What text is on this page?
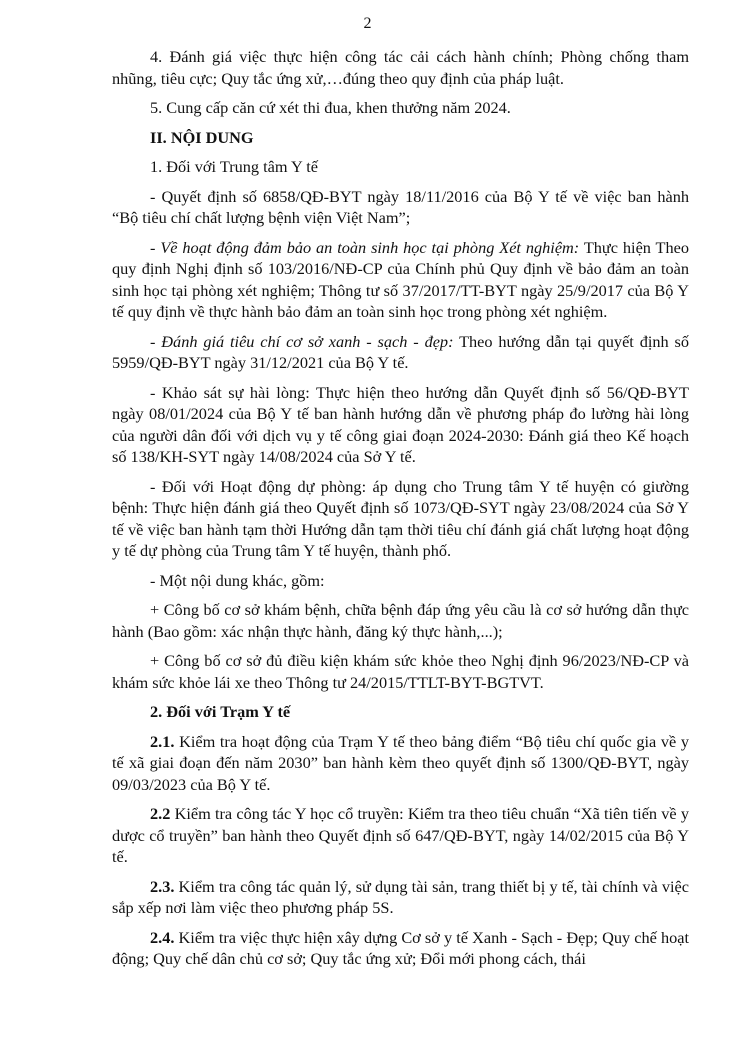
2

4. Đánh giá việc thực hiện công tác cải cách hành chính; Phòng chống tham nhũng, tiêu cực; Quy tắc ứng xử,…đúng theo quy định của pháp luật.

5. Cung cấp căn cứ xét thi đua, khen thưởng năm 2024.

II. NỘI DUNG

1. Đối với Trung tâm Y tế

- Quyết định số 6858/QĐ-BYT ngày 18/11/2016 của Bộ Y tế về việc ban hành “Bộ tiêu chí chất lượng bệnh viện Việt Nam”;

- Về hoạt động đảm bảo an toàn sinh học tại phòng Xét nghiệm: Thực hiện Theo quy định Nghị định số 103/2016/NĐ-CP của Chính phủ Quy định về bảo đảm an toàn sinh học tại phòng xét nghiệm; Thông tư số 37/2017/TT-BYT ngày 25/9/2017 của Bộ Y tế quy định về thực hành bảo đảm an toàn sinh học trong phòng xét nghiệm.

- Đánh giá tiêu chí cơ sở xanh - sạch - đẹp: Theo hướng dẫn tại quyết định số 5959/QĐ-BYT ngày 31/12/2021 của Bộ Y tế.

- Khảo sát sự hài lòng: Thực hiện theo hướng dẫn Quyết định số 56/QĐ-BYT ngày 08/01/2024 của Bộ Y tế ban hành hướng dẫn về phương pháp đo lường hài lòng của người dân đối với dịch vụ y tế công giai đoạn 2024-2030: Đánh giá theo Kế hoạch số 138/KH-SYT ngày 14/08/2024 của Sở Y tế.

- Đối với Hoạt động dự phòng: áp dụng cho Trung tâm Y tế huyện có giường bệnh: Thực hiện đánh giá theo Quyết định số 1073/QĐ-SYT ngày 23/08/2024 của Sở Y tế về việc ban hành tạm thời Hướng dẫn tạm thời tiêu chí đánh giá chất lượng hoạt động y tế dự phòng của Trung tâm Y tế huyện, thành phố.

- Một nội dung khác, gồm:

+ Công bố cơ sở khám bệnh, chữa bệnh đáp ứng yêu cầu là cơ sở hướng dẫn thực hành (Bao gồm: xác nhận thực hành, đăng ký thực hành,...);

+ Công bố cơ sở đủ điều kiện khám sức khỏe theo Nghị định 96/2023/NĐ-CP và khám sức khỏe lái xe theo Thông tư 24/2015/TTLT-BYT-BGTVT.

2. Đối với Trạm Y tế

2.1. Kiểm tra hoạt động của Trạm Y tế theo bảng điểm “Bộ tiêu chí quốc gia về y tế xã giai đoạn đến năm 2030” ban hành kèm theo quyết định số 1300/QĐ-BYT, ngày 09/03/2023 của Bộ Y tế.

2.2 Kiểm tra công tác Y học cổ truyền: Kiểm tra theo tiêu chuẩn “Xã tiên tiến về y dược cổ truyền” ban hành theo Quyết định số 647/QĐ-BYT, ngày 14/02/2015 của Bộ Y tế.

2.3. Kiểm tra công tác quản lý, sử dụng tài sản, trang thiết bị y tế, tài chính và việc sắp xếp nơi làm việc theo phương pháp 5S.

2.4. Kiểm tra việc thực hiện xây dựng Cơ sở y tế Xanh - Sạch - Đẹp; Quy chế hoạt động; Quy chế dân chủ cơ sở; Quy tắc ứng xử; Đổi mới phong cách, thái
